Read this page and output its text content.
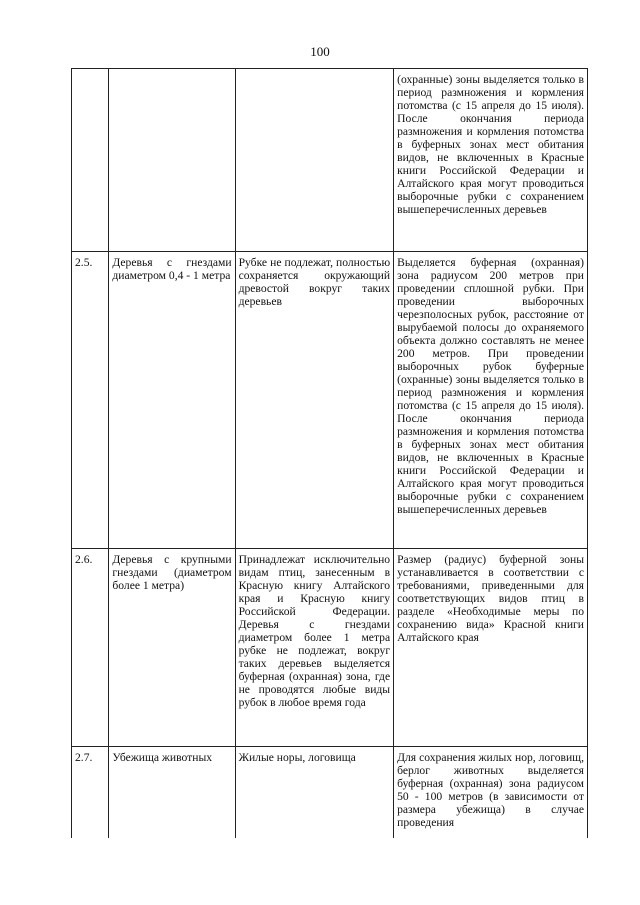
100
			(охранные) зоны выделяется только в период размножения и кормления потомства (с 15 апреля до 15 июля). После окончания периода размножения и кормления потомства в буферных зонах мест обитания видов, не включенных в Красные книги Российской Федерации и Алтайского края могут проводиться выборочные рубки с сохранением вышеперечисленных деревьев
2.5.	Деревья с гнездами диаметром 0,4 - 1 метра	Рубке не подлежат, полностью сохраняется окружающий древостой вокруг таких деревьев	Выделяется буферная (охранная) зона радиусом 200 метров при проведении сплошной рубки. При проведении выборочных черезполосных рубок, расстояние от вырубаемой полосы до охраняемого объекта должно составлять не менее 200 метров. При проведении выборочных рубок буферные (охранные) зоны выделяется только в период размножения и кормления потомства (с 15 апреля до 15 июля). После окончания периода размножения и кормления потомства в буферных зонах мест обитания видов, не включенных в Красные книги Российской Федерации и Алтайского края могут проводиться выборочные рубки с сохранением вышеперечисленных деревьев
2.6.	Деревья с крупными гнездами (диаметром более 1 метра)	Принадлежат исключительно видам птиц, занесенным в Красную книгу Алтайского края и Красную книгу Российской Федерации. Деревья с гнездами диаметром более 1 метра рубке не подлежат, вокруг таких деревьев выделяется буферная (охранная) зона, где не проводятся любые виды рубок в любое время года	Размер (радиус) буферной зоны устанавливается в соответствии с требованиями, приведенными для соответствующих видов птиц в разделе «Необходимые меры по сохранению вида» Красной книги Алтайского края
2.7.	Убежища животных	Жилые норы, логовища	Для сохранения жилых нор, логовищ, берлог животных выделяется буферная (охранная) зона радиусом 50 - 100 метров (в зависимости от размера убежища) в случае проведения
